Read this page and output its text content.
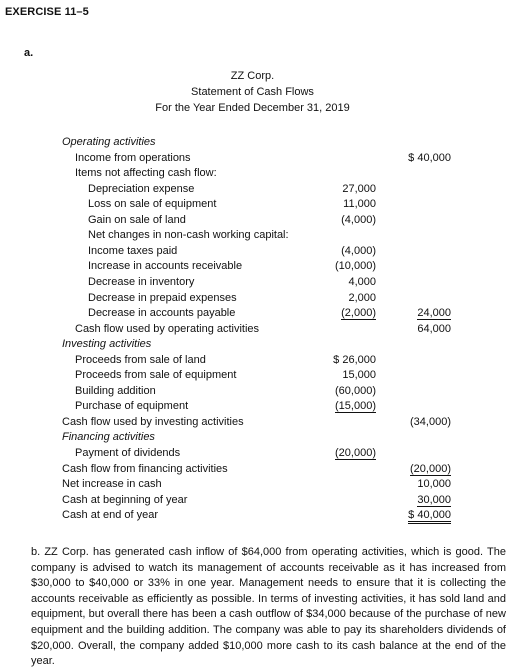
EXERCISE 11–5
a.
ZZ Corp.
Statement of Cash Flows
For the Year Ended December 31, 2019
Operating activities
Income from operations	$ 40,000
Items not affecting cash flow:
Depreciation expense	27,000
Loss on sale of equipment	11,000
Gain on sale of land	(4,000)
Net changes in non-cash working capital:
Income taxes paid	(4,000)
Increase in accounts receivable	(10,000)
Decrease in inventory	4,000
Decrease in prepaid expenses	2,000
Decrease in accounts payable	(2,000)	24,000
Cash flow used by operating activities	64,000
Investing activities
Proceeds from sale of land	$ 26,000
Proceeds from sale of equipment	15,000
Building addition	(60,000)
Purchase of equipment	(15,000)
Cash flow used by investing activities	(34,000)
Financing activities
Payment of dividends	(20,000)
Cash flow from financing activities	(20,000)
Net increase in cash	10,000
Cash at beginning of year	30,000
Cash at end of year	$ 40,000
b. ZZ Corp. has generated cash inflow of $64,000 from operating activities, which is good. The company is advised to watch its management of accounts receivable as it has increased from $30,000 to $40,000 or 33% in one year. Management needs to ensure that it is collecting the accounts receivable as efficiently as possible. In terms of investing activities, it has sold land and equipment, but overall there has been a cash outflow of $34,000 because of the purchase of new equipment and the building addition. The company was able to pay its shareholders dividends of $20,000. Overall, the company added $10,000 more cash to its cash balance at the end of the year.
